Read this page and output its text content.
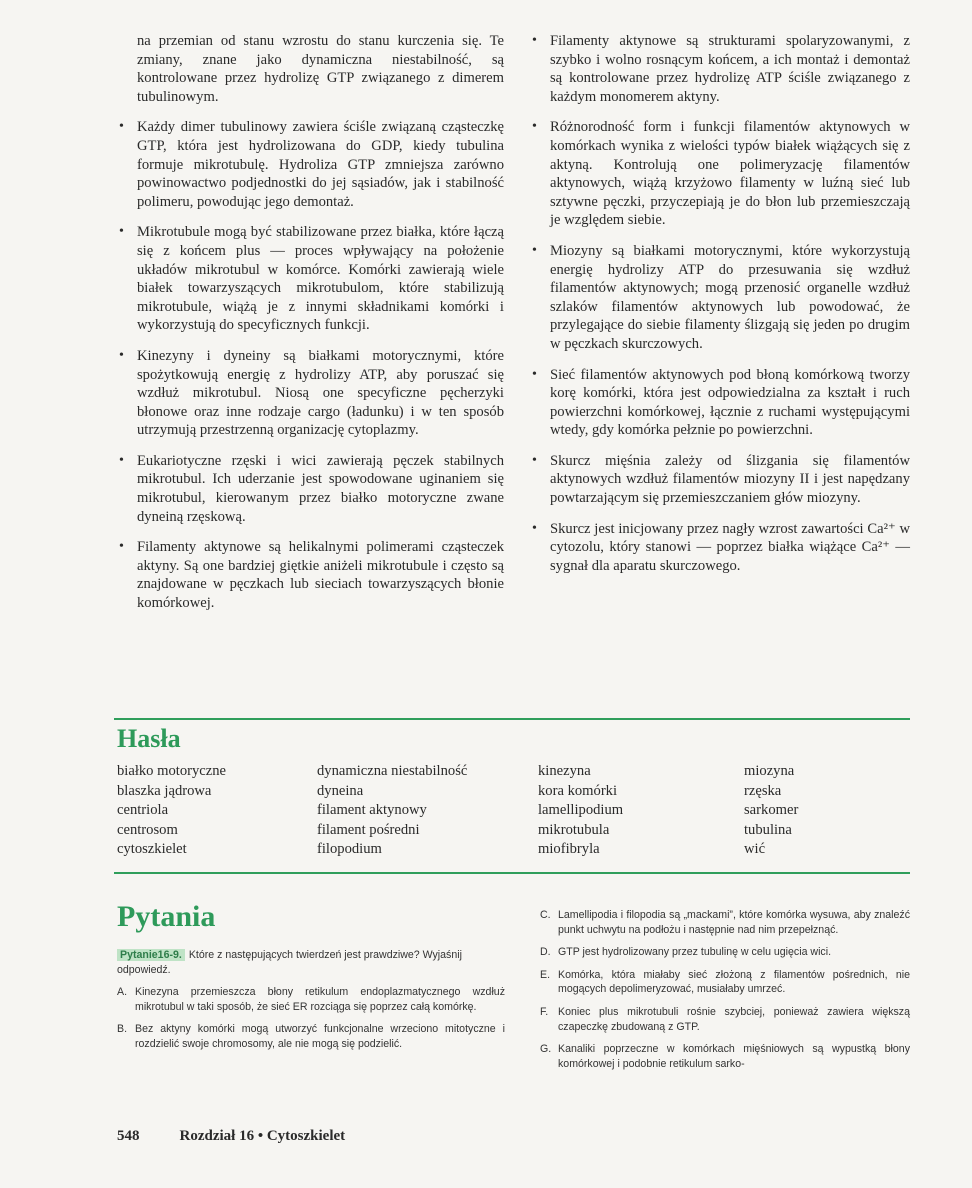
na przemian od stanu wzrostu do stanu kurczenia się. Te zmiany, znane jako dynamiczna niestabilność, są kontrolowane przez hydrolizę GTP związanego z dimerem tubulinowym.
• Każdy dimer tubulinowy zawiera ściśle związaną cząsteczkę GTP, która jest hydrolizowana do GDP, kiedy tubulina formuje mikrotubulę. Hydroliza GTP zmniejsza zarówno powinowactwo podjednostki do jej sąsiadów, jak i stabilność polimeru, powodując jego demontaż.
• Mikrotubule mogą być stabilizowane przez białka, które łączą się z końcem plus — proces wpływający na położenie układów mikrotubul w komórce. Komórki zawierają wiele białek towarzyszących mikrotubulom, które stabilizują mikrotubule, wiążą je z innymi składnikami komórki i wykorzystują do specyficznych funkcji.
• Kinezyny i dyneiny są białkami motorycznymi, które spożytkowują energię z hydrolizy ATP, aby poruszać się wzdłuż mikrotubul. Niosą one specyficzne pęcherzyki błonowe oraz inne rodzaje cargo (ładunku) i w ten sposób utrzymują przestrzenną organizację cytoplazmy.
• Eukariotyczne rzęski i wici zawierają pęczek stabilnych mikrotubul. Ich uderzanie jest spowodowane uginaniem się mikrotubul, kierowanym przez białko motoryczne zwane dyneiną rzęskową.
• Filamenty aktynowe są helikalnymi polimerami cząsteczek aktyny. Są one bardziej giętkie aniżeli mikrotubule i często są znajdowane w pęczkach lub sieciach towarzyszących błonie komórkowej.
• Filamenty aktynowe są strukturami spolaryzowanymi, z szybko i wolno rosnącym końcem, a ich montaż i demontaż są kontrolowane przez hydrolizę ATP ściśle związanego z każdym monomerem aktyny.
• Różnorodność form i funkcji filamentów aktynowych w komórkach wynika z wielości typów białek wiążących się z aktyną. Kontrolują one polimeryzację filamentów aktynowych, wiążą krzyżowo filamenty w luźną sieć lub sztywne pęczki, przyczepiają je do błon lub przemieszczają je względem siebie.
• Miozyny są białkami motorycznymi, które wykorzystują energię hydrolizy ATP do przesuwania się wzdłuż filamentów aktynowych; mogą przenosić organelle wzdłuż szlaków filamentów aktynowych lub powodować, że przylegające do siebie filamenty ślizgają się jeden po drugim w pęczkach skurczowych.
• Sieć filamentów aktynowych pod błoną komórkową tworzy korę komórki, która jest odpowiedzialna za kształt i ruch powierzchni komórkowej, łącznie z ruchami występującymi wtedy, gdy komórka pełznie po powierzchni.
• Skurcz mięśnia zależy od ślizgania się filamentów aktynowych wzdłuż filamentów miozyny II i jest napędzany powtarzającym się przemieszczaniem głów miozyny.
• Skurcz jest inicjowany przez nagły wzrost zawartości Ca²⁺ w cytozolu, który stanowi — poprzez białka wiążące Ca²⁺ — sygnał dla aparatu skurczowego.
Hasła
białko motoryczne
blaszka jądrowa
centriola
centrosom
cytoszkielet
dynamiczna niestabilność
dyneina
filament aktynowy
filament pośredni
filopodium
kinezyna
kora komórki
lamellipodium
mikrotubula
miofibryla
miozyna
rzęska
sarkomer
tubulina
wić
Pytania

Pytanie16-9. Które z następujących twierdzeń jest prawdziwe? Wyjaśnij odpowiedź.

A. Kinezyna przemieszcza błony retikulum endoplazmatycznego wzdłuż mikrotubul w taki sposób, że sieć ER rozciąga się poprzez całą komórkę.
B. Bez aktyny komórki mogą utworzyć funkcjonalne wrzeciono mitotyczne i rozdzielić swoje chromosomy, ale nie mogą się podzielić.
C. Lamellipodia i filopodia są „mackami”, które komórka wysuwa, aby znaleźć punkt uchwytu na podłożu i następnie nad nim przepełznąć.
D. GTP jest hydrolizowany przez tubulinę w celu ugięcia wici.
E. Komórka, która miałaby sieć złożoną z filamentów pośrednich, nie mogących depolimeryzować, musiałaby umrzeć.
F. Koniec plus mikrotubuli rośnie szybciej, ponieważ zawiera większą czapeczkę zbudowaną z GTP.
G. Kanaliki poprzeczne w komórkach mięśniowych są wypustką błony komórkowej i podobnie retikulum sarko-
548	Rozdział 16 • Cytoszkielet
